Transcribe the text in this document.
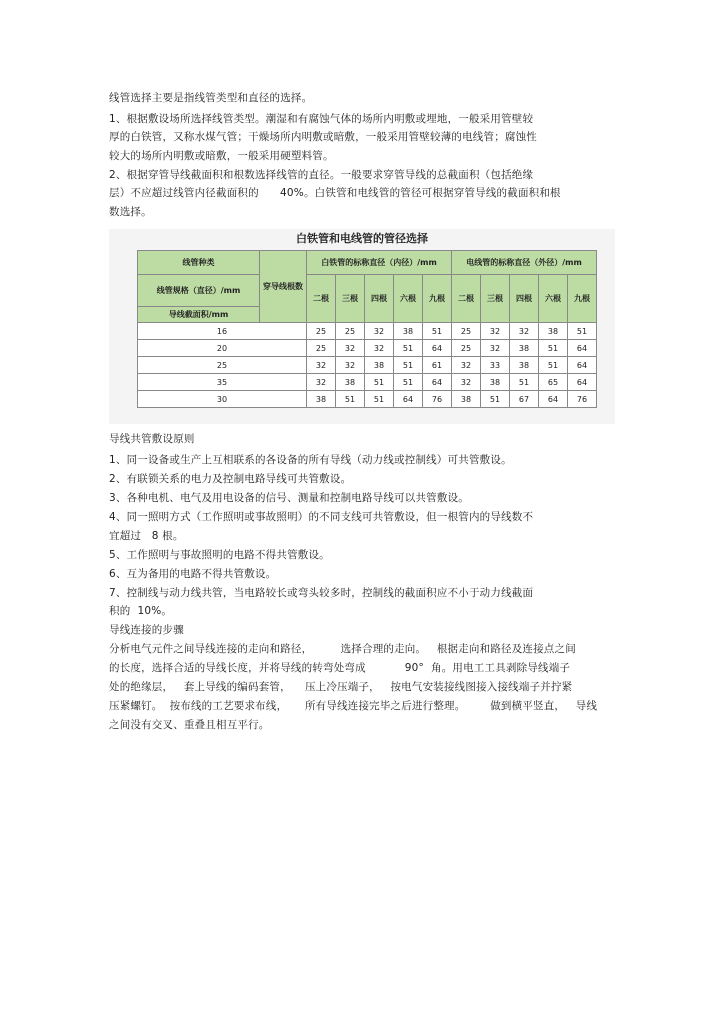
线管选择主要是指线管类型和直径的选择。
1、根据敷设场所选择线管类型。潮湿和有腐蚀气体的场所内明敷或埋地，一般采用管壁较
厚的白铁管，又称水煤气管；干燥场所内明敷或暗敷，一般采用管壁较薄的电线管；腐蚀性
较大的场所内明敷或暗敷，一般采用硬塑料管。
2、根据穿管导线截面积和根数选择线管的直径。一般要求穿管导线的总截面积（包括绝缘
层）不应超过线管内径截面积的      40%。白铁管和电线管的管径可根据穿管导线的截面积和根
数选择。
白铁管和电线管的管径选择
线管种类	穿导线根数	白铁管的标称直径（内径）/mm					电线管的标称直径（外径）/mm				
线管规格（直径）/mm		二根	三根	四根	六根	九根	二根	三根	四根	六根	九根
导线截面积/mm											
16		25	25	32	38	51	25	32	32	38	51
20		25	32	32	51	64	25	32	38	51	64
25		32	32	38	51	61	32	33	38	51	64
35		32	38	51	51	64	32	38	51	65	64
30		38	51	51	64	76	38	51	67	64	76
导线共管敷设原则
1、同一设备或生产上互相联系的各设备的所有导线（动力线或控制线）可共管敷设。
2、有联锁关系的电力及控制电路导线可共管敷设。
3、各种电机、电气及用电设备的信号、测量和控制电路导线可以共管敷设。
4、同一照明方式（工作照明或事故照明）的不同支线可共管敷设，但一根管内的导线数不
宜超过   8 根。
5、工作照明与事故照明的电路不得共管敷设。
6、互为备用的电路不得共管敷设。
7、控制线与动力线共管，当电路较长或弯头较多时，控制线的截面积应不小于动力线截面
积的  10%。
导线连接的步骤
分析电气元件之间导线连接的走向和路径，        选择合理的走向。   根据走向和路径及连接点之间
的长度，选择合适的导线长度，并将导线的转弯处弯成           90°  角。用电工工具剥除导线端子
处的绝缘层，   套上导线的编码套管，    压上冷压端子，   按电气安装接线图接入接线端子并拧紧
压紧螺钉。  按布线的工艺要求布线，     所有导线连接完毕之后进行整理。       做到横平竖直，   导线
之间没有交叉、重叠且相互平行。
